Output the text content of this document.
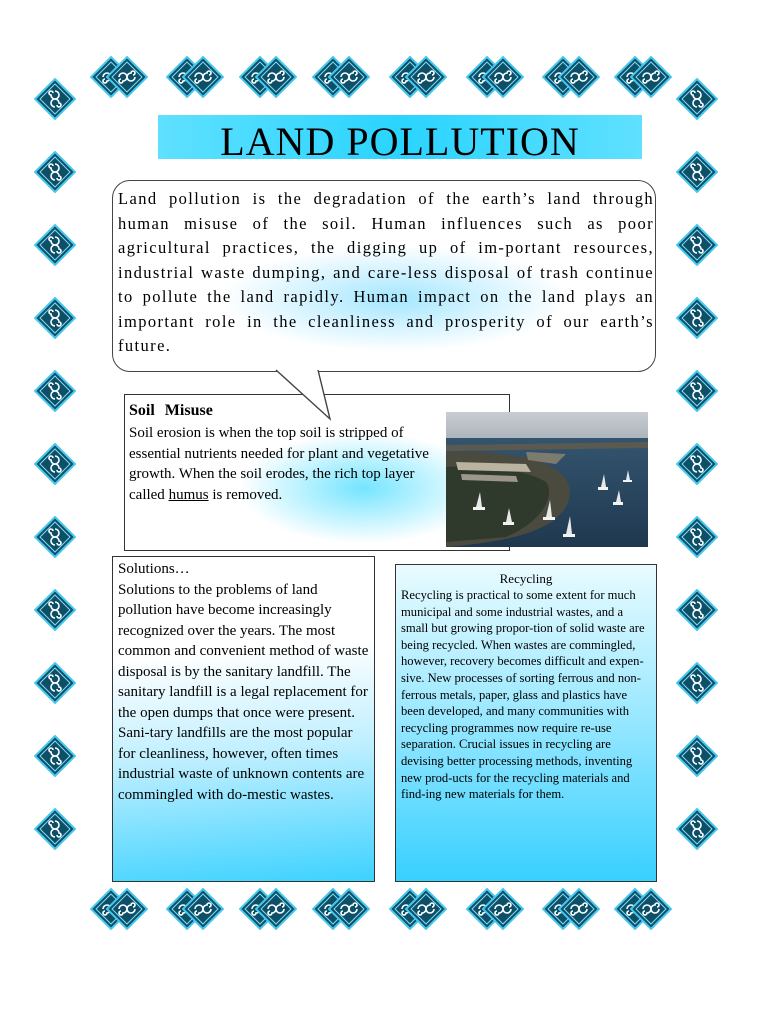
LAND POLLUTION
Land pollution is the degradation of the earth’s land through human misuse of the soil. Human influences such as poor agricultural practices, the digging up of im-portant resources, industrial waste dumping, and care-less disposal of trash continue to pollute the land rapidly. Human impact on the land plays an important role in the cleanliness and prosperity of our earth’s future.
Soil Misuse
Soil erosion is when the top soil is stripped of essential nutrients needed for plant and vegetative growth. When the soil erodes, the rich top layer called humus is removed.
Solutions…
Solutions to the problems of land pollution have become increasingly recognized over the years. The most common and convenient method of waste disposal is by the sanitary landfill. The sanitary landfill is a legal replacement for the open dumps that once were present. Sani-tary landfills are the most popular for cleanliness, however, often times industrial waste of unknown contents are commingled with do-mestic wastes.
Recycling
Recycling is practical to some extent for much municipal and some industrial wastes, and a small but growing propor-tion of solid waste are being recycled. When wastes are commingled, however, recovery becomes difficult and expen-sive. New processes of sorting ferrous and non-ferrous metals, paper, glass and plastics have been developed, and many communities with recycling programmes now require re-use separation. Crucial issues in recycling are devising better processing methods, inventing new prod-ucts for the recycling materials and find-ing new materials for them.
